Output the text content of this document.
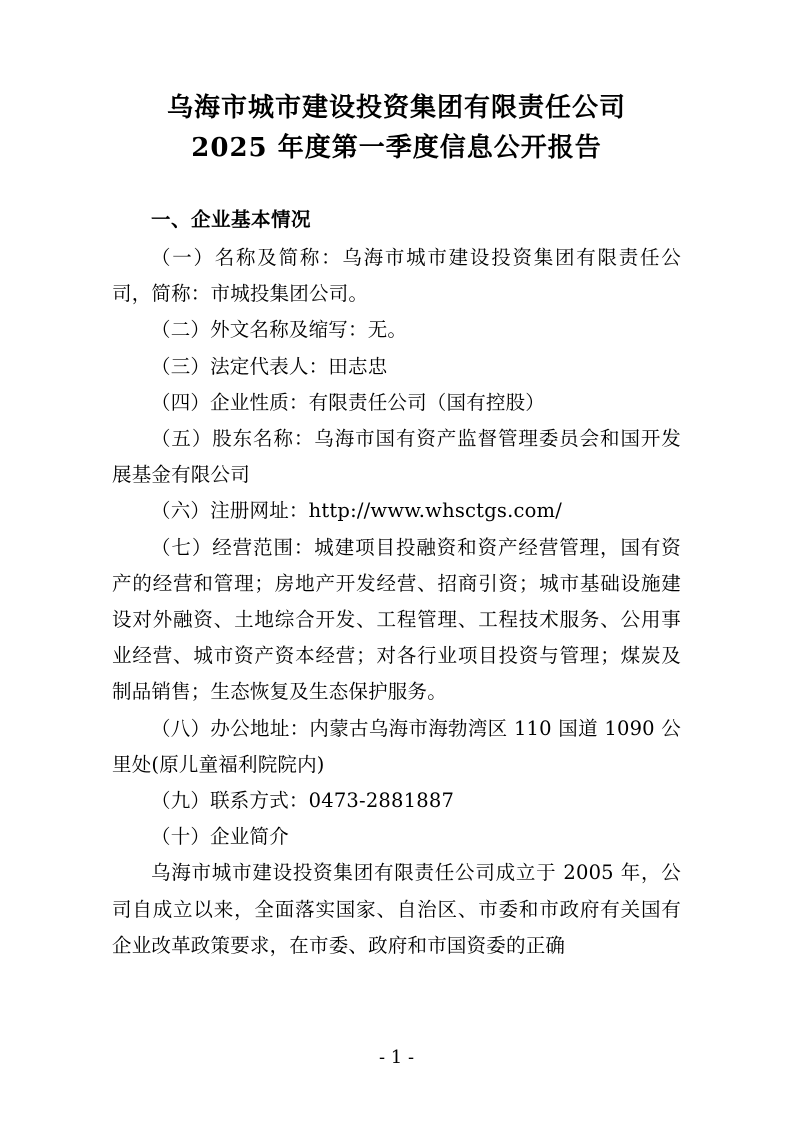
乌海市城市建设投资集团有限责任公司
2025 年度第一季度信息公开报告

一、企业基本情况

（一）名称及简称：乌海市城市建设投资集团有限责任公司，简称：市城投集团公司。

（二）外文名称及缩写：无。

（三）法定代表人：田志忠

（四）企业性质：有限责任公司（国有控股）

（五）股东名称：乌海市国有资产监督管理委员会和国开发展基金有限公司

（六）注册网址：http://www.whsctgs.com/

（七）经营范围：城建项目投融资和资产经营管理，国有资产的经营和管理；房地产开发经营、招商引资；城市基础设施建设对外融资、土地综合开发、工程管理、工程技术服务、公用事业经营、城市资产资本经营；对各行业项目投资与管理；煤炭及制品销售；生态恢复及生态保护服务。

（八）办公地址：内蒙古乌海市海勃湾区 110 国道 1090 公里处(原儿童福利院院内)

（九）联系方式：0473-2881887

（十）企业简介

乌海市城市建设投资集团有限责任公司成立于 2005 年，公司自成立以来，全面落实国家、自治区、市委和市政府有关国有企业改革政策要求，在市委、政府和市国资委的正确

- 1 -
